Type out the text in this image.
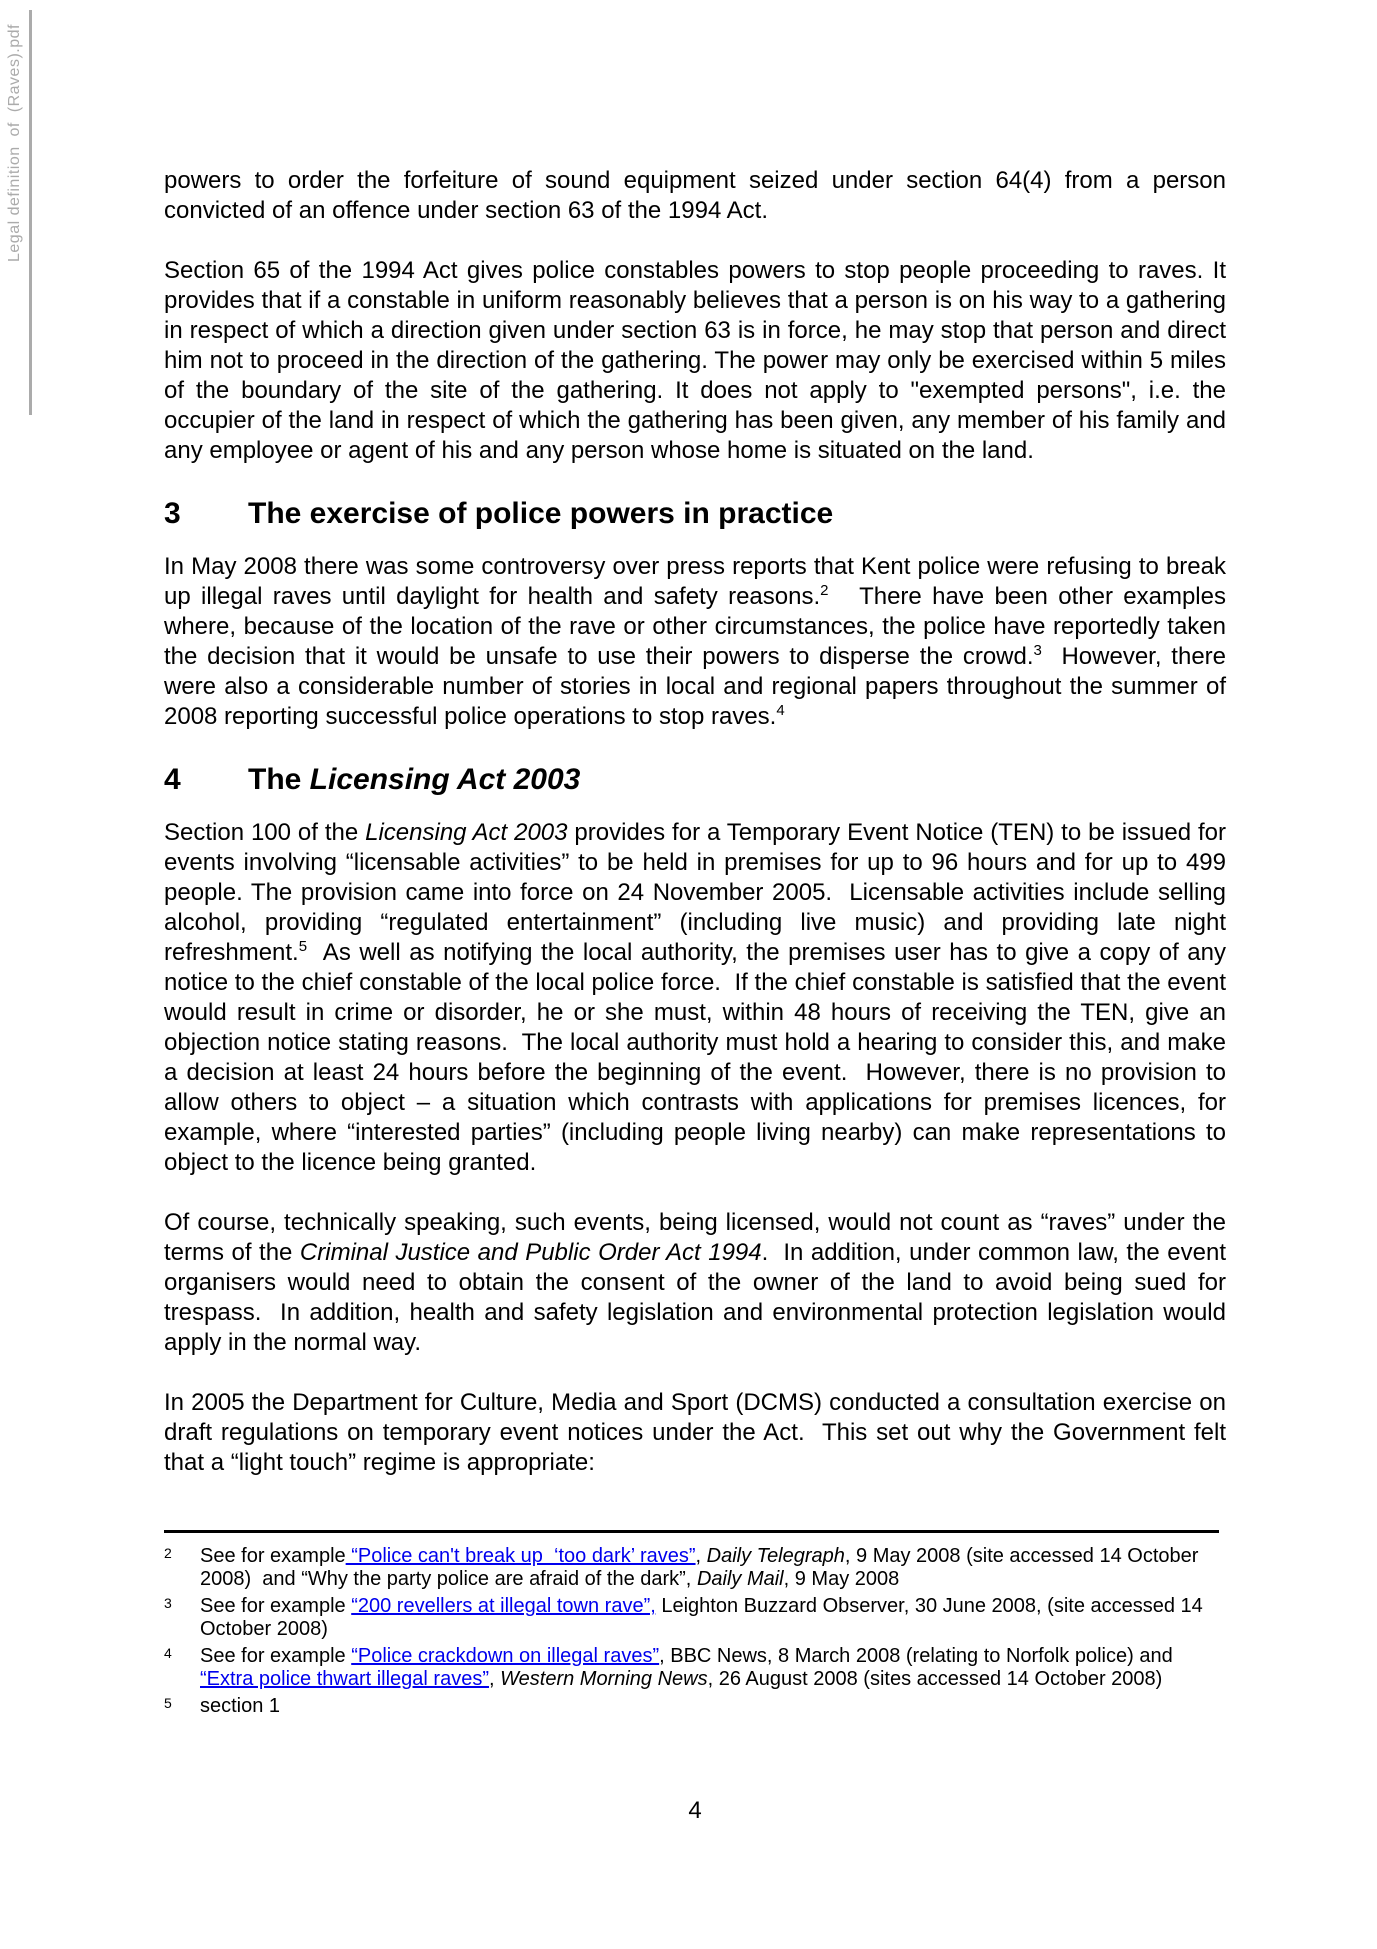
Legal definition  of  (Raves).pdf	powers to order the forfeiture of sound equipment seized under section 64(4) from a person convicted of an offence under section 63 of the 1994 Act.

Section 65 of the 1994 Act gives police constables powers to stop people proceeding to raves. It provides that if a constable in uniform reasonably believes that a person is on his way to a gathering in respect of which a direction given under section 63 is in force, he may stop that person and direct him not to proceed in the direction of the gathering. The power may only be exercised within 5 miles of the boundary of the site of the gathering. It does not apply to "exempted persons", i.e. the occupier of the land in respect of which the gathering has been given, any member of his family and any employee or agent of his and any person whose home is situated on the land.

3 The exercise of police powers in practice

In May 2008 there was some controversy over press reports that Kent police were refusing to break up illegal raves until daylight for health and safety reasons.$^2$   There have been other examples where, because of the location of the rave or other circumstances, the police have reportedly taken the decision that it would be unsafe to use their powers to disperse the crowd.$^3$  However, there were also a considerable number of stories in local and regional papers throughout the summer of 2008 reporting successful police operations to stop raves.$^4$

4 The Licensing Act 2003

Section 100 of the Licensing Act 2003 provides for a Temporary Event Notice (TEN) to be issued for events involving “licensable activities” to be held in premises for up to 96 hours and for up to 499 people. The provision came into force on 24 November 2005.  Licensable activities include selling alcohol, providing “regulated entertainment” (including live music) and providing late night refreshment.$^5$  As well as notifying the local authority, the premises user has to give a copy of any notice to the chief constable of the local police force.  If the chief constable is satisfied that the event would result in crime or disorder, he or she must, within 48 hours of receiving the TEN, give an objection notice stating reasons.  The local authority must hold a hearing to consider this, and make a decision at least 24 hours before the beginning of the event.  However, there is no provision to allow others to object – a situation which contrasts with applications for premises licences, for example, where “interested parties” (including people living nearby) can make representations to object to the licence being granted.

Of course, technically speaking, such events, being licensed, would not count as “raves” under the terms of the Criminal Justice and Public Order Act 1994.  In addition, under common law, the event organisers would need to obtain the consent of the owner of the land to avoid being sued for trespass.  In addition, health and safety legislation and environmental protection legislation would apply in the normal way.

In 2005 the Department for Culture, Media and Sport (DCMS) conducted a consultation exercise on draft regulations on temporary event notices under the Act.  This set out why the Government felt that a “light touch” regime is appropriate:

2	See for example “Police can't break up  ‘too dark’ raves”, Daily Telegraph, 9 May 2008 (site accessed 14 October 2008)  and “Why the party police are afraid of the dark”, Daily Mail, 9 May 2008
3	See for example “200 revellers at illegal town rave”, Leighton Buzzard Observer, 30 June 2008, (site accessed 14 October 2008)
4	See for example “Police crackdown on illegal raves”, BBC News, 8 March 2008 (relating to Norfolk police) and “Extra police thwart illegal raves”, Western Morning News, 26 August 2008 (sites accessed 14 October 2008)
5	section 1
4
